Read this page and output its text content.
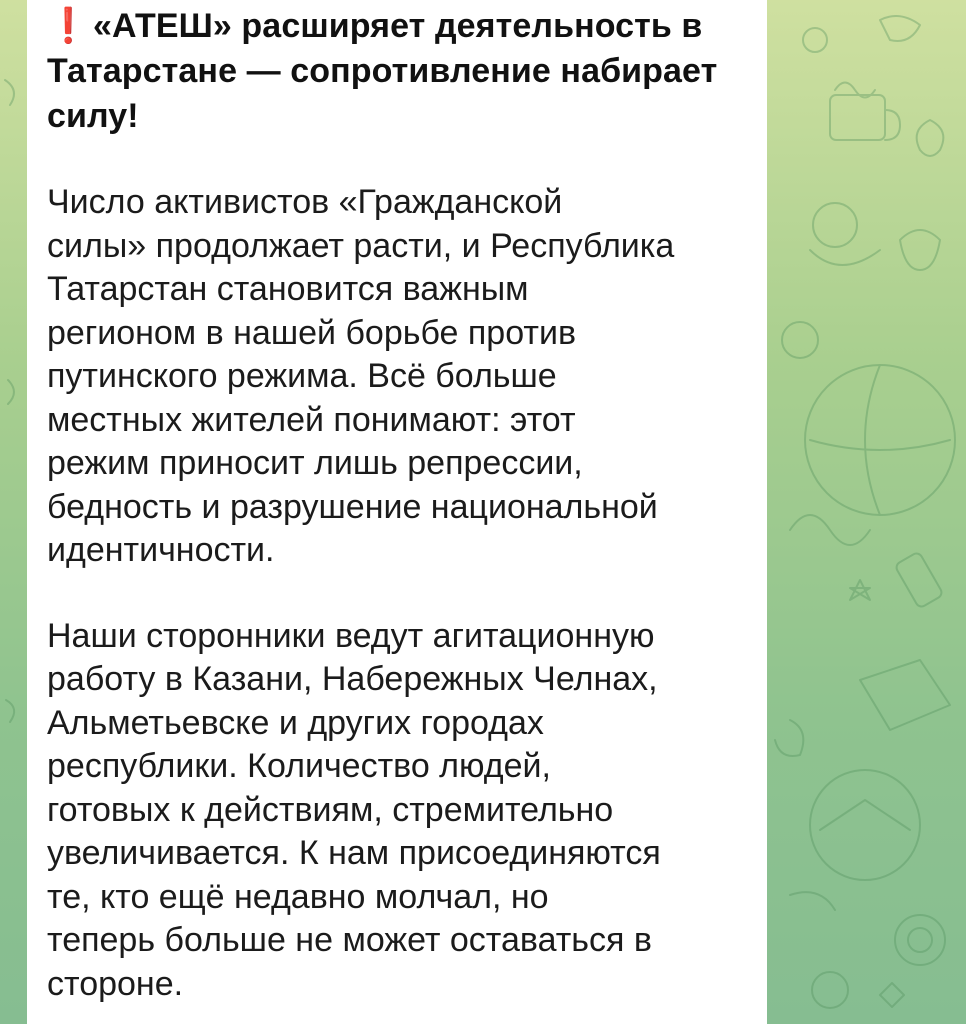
❗ «АТЕШ» расширяет деятельность в Татарстане — сопротивление набирает силу!

Число активистов «Гражданской
силы» продолжает расти, и Республика
Татарстан становится важным
регионом в нашей борьбе против
путинского режима. Всё больше
местных жителей понимают: этот
режим приносит лишь репрессии,
бедность и разрушение национальной
идентичности.

Наши сторонники ведут агитационную
работу в Казани, Набережных Челнах,
Альметьевске и других городах
республики. Количество людей,
готовых к действиям, стремительно
увеличивается. К нам присоединяются
те, кто ещё недавно молчал, но
теперь больше не может оставаться в
стороне.
